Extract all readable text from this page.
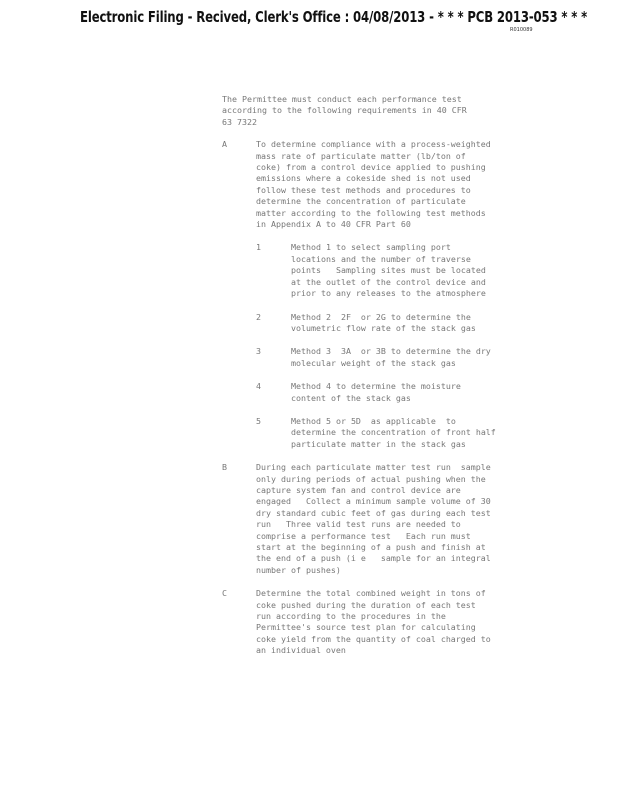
Electronic Filing - Recived, Clerk's Office : 04/08/2013 - * * * PCB 2013-053 * * *
R010089
The Permittee must conduct each performance test
according to the following requirements in 40 CFR
63 7322
A	To determine compliance with a process-weighted
mass rate of particulate matter (lb/ton of
coke) from a control device applied to pushing
emissions where a cokeside shed is not used
follow these test methods and procedures to
determine the concentration of particulate
matter according to the following test methods
in Appendix A to 40 CFR Part 60
1	Method 1 to select sampling port
locations and the number of traverse
points   Sampling sites must be located
at the outlet of the control device and
prior to any releases to the atmosphere
2	Method 2  2F  or 2G to determine the
volumetric flow rate of the stack gas
3	Method 3  3A  or 3B to determine the dry
molecular weight of the stack gas
4	Method 4 to determine the moisture
content of the stack gas
5	Method 5 or 5D  as applicable  to
determine the concentration of front half
particulate matter in the stack gas
B	During each particulate matter test run  sample
only during periods of actual pushing when the
capture system fan and control device are
engaged   Collect a minimum sample volume of 30
dry standard cubic feet of gas during each test
run   Three valid test runs are needed to
comprise a performance test   Each run must
start at the beginning of a push and finish at
the end of a push (i e   sample for an integral
number of pushes)
C	Determine the total combined weight in tons of
coke pushed during the duration of each test
run according to the procedures in the
Permittee's source test plan for calculating
coke yield from the quantity of coal charged to
an individual oven
